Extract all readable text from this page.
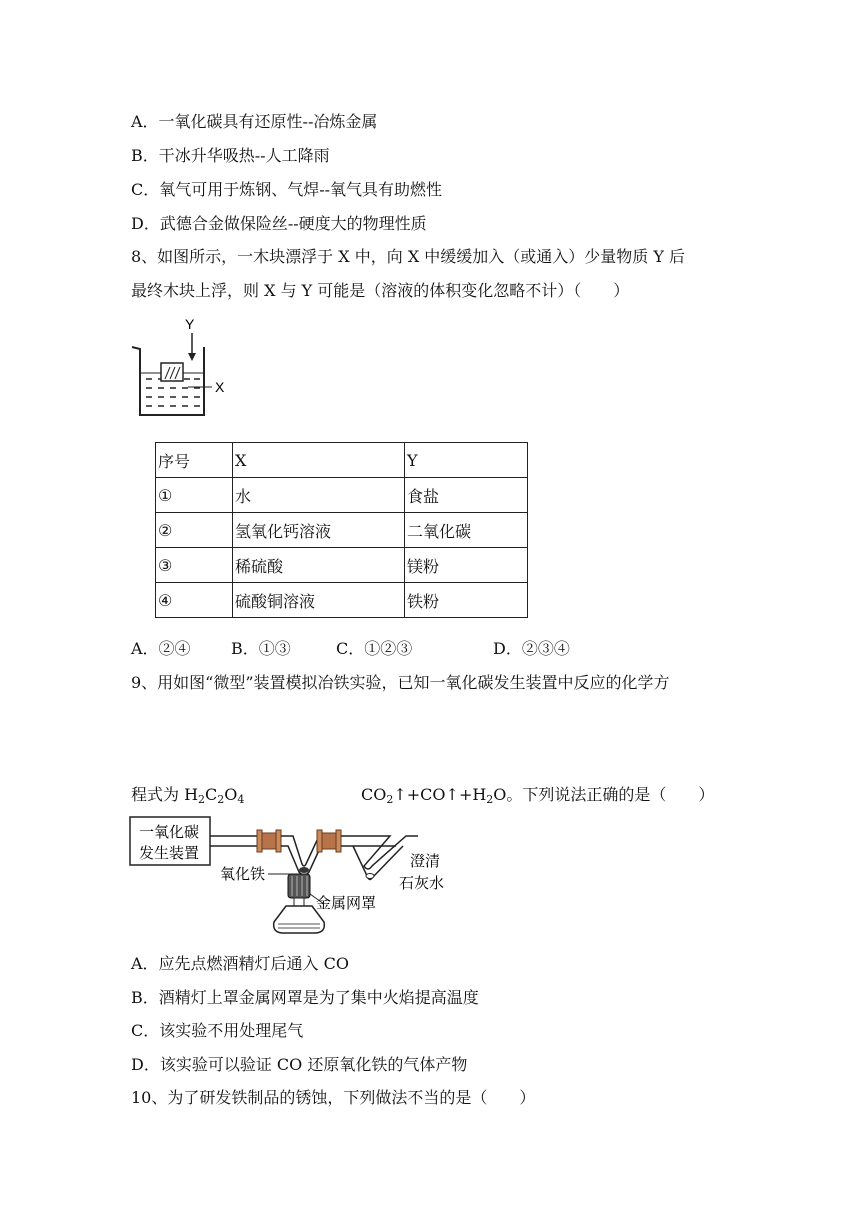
A．一氧化碳具有还原性--冶炼金属
B．干冰升华吸热--人工降雨
C．氧气可用于炼钢、气焊--氧气具有助燃性
D．武德合金做保险丝--硬度大的物理性质
8、如图所示，一木块漂浮于 X 中，向 X 中缓缓加入（或通入）少量物质 Y 后
最终木块上浮，则 X 与 Y 可能是（溶液的体积变化忽略不计）（　　）
Y
X
序号	X	Y
①	水	食盐
②	氢氧化钙溶液	二氧化碳
③	稀硫酸	镁粉
④	硫酸铜溶液	铁粉
A．②④	B．①③	C．①②③	D．②③④
9、用如图“微型”装置模拟冶铁实验，已知一氧化碳发生装置中反应的化学方
程式为 $H_2C_2O_4$	$CO_2↑+CO↑+H_2O$。下列说法正确的是（　　）
一氧化碳
发生装置	澄清
石灰水
氧化铁
金属网罩
A．应先点燃酒精灯后通入 CO
B．酒精灯上罩金属网罩是为了集中火焰提高温度
C．该实验不用处理尾气
D．该实验可以验证 CO 还原氧化铁的气体产物
10、为了研发铁制品的锈蚀，下列做法不当的是（　　）
